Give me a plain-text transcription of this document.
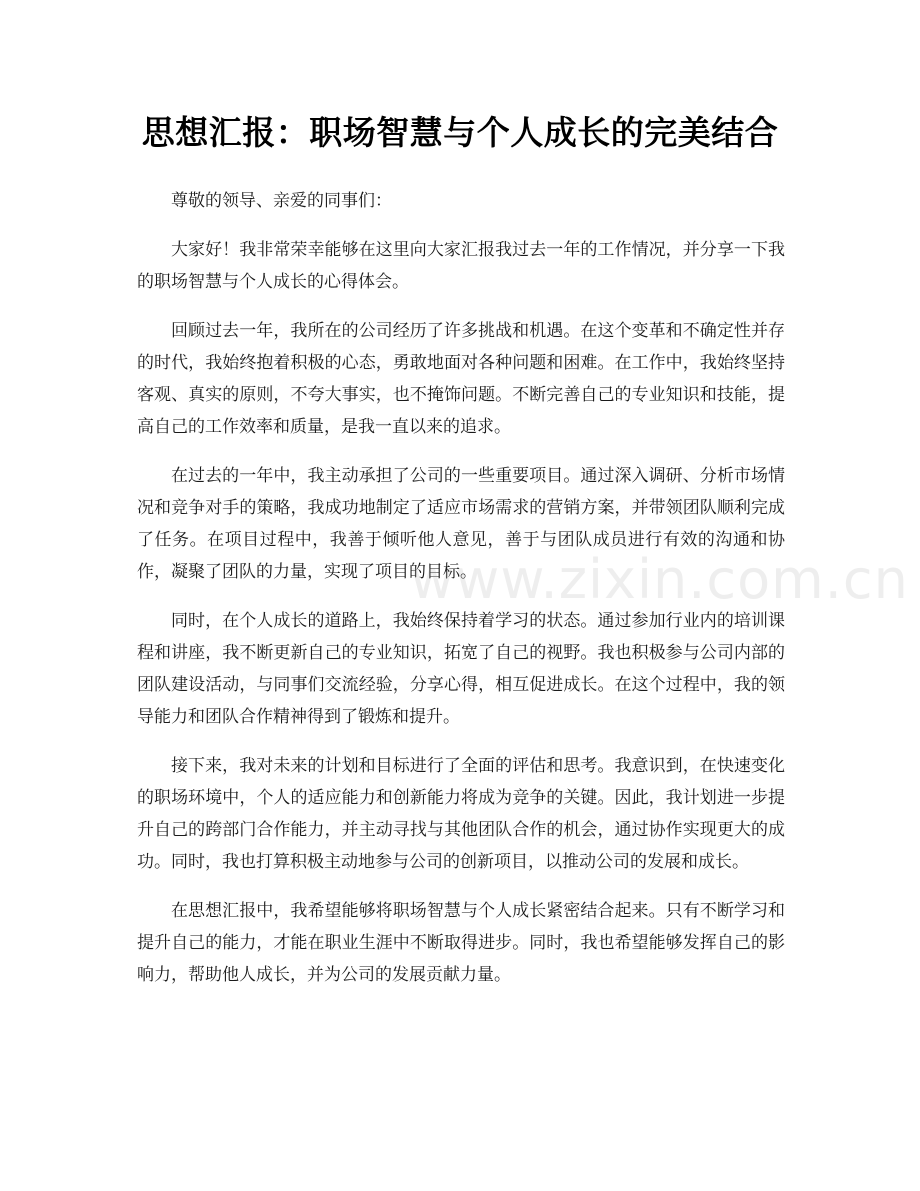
思想汇报：职场智慧与个人成长的完美结合

尊敬的领导、亲爱的同事们：

大家好！我非常荣幸能够在这里向大家汇报我过去一年的工作情况，并分享一下我的职场智慧与个人成长的心得体会。

回顾过去一年，我所在的公司经历了许多挑战和机遇。在这个变革和不确定性并存的时代，我始终抱着积极的心态，勇敢地面对各种问题和困难。在工作中，我始终坚持客观、真实的原则，不夸大事实，也不掩饰问题。不断完善自己的专业知识和技能，提高自己的工作效率和质量，是我一直以来的追求。

在过去的一年中，我主动承担了公司的一些重要项目。通过深入调研、分析市场情况和竞争对手的策略，我成功地制定了适应市场需求的营销方案，并带领团队顺利完成了任务。在项目过程中，我善于倾听他人意见，善于与团队成员进行有效的沟通和协作，凝聚了团队的力量，实现了项目的目标。

同时，在个人成长的道路上，我始终保持着学习的状态。通过参加行业内的培训课程和讲座，我不断更新自己的专业知识，拓宽了自己的视野。我也积极参与公司内部的团队建设活动，与同事们交流经验，分享心得，相互促进成长。在这个过程中，我的领导能力和团队合作精神得到了锻炼和提升。

接下来，我对未来的计划和目标进行了全面的评估和思考。我意识到，在快速变化的职场环境中，个人的适应能力和创新能力将成为竞争的关键。因此，我计划进一步提升自己的跨部门合作能力，并主动寻找与其他团队合作的机会，通过协作实现更大的成功。同时，我也打算积极主动地参与公司的创新项目，以推动公司的发展和成长。

在思想汇报中，我希望能够将职场智慧与个人成长紧密结合起来。只有不断学习和提升自己的能力，才能在职业生涯中不断取得进步。同时，我也希望能够发挥自己的影响力，帮助他人成长，并为公司的发展贡献力量。

www.zixin.com.cn
